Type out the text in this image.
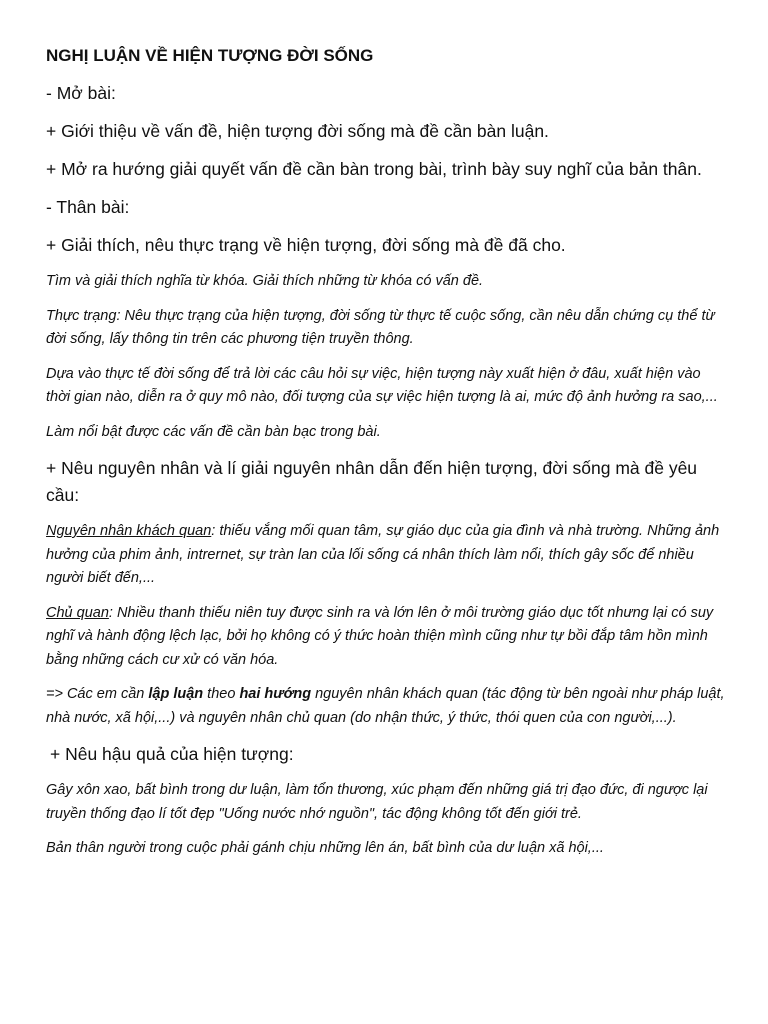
NGHỊ LUẬN VỀ HIỆN TƯỢNG ĐỜI SỐNG
- Mở bài:
+ Giới thiệu về vấn đề, hiện tượng đời sống mà đề cần bàn luận.
+ Mở ra hướng giải quyết vấn đề cần bàn trong bài, trình bày suy nghĩ của bản thân.
- Thân bài:
+ Giải thích, nêu thực trạng về hiện tượng, đời sống mà đề đã cho.
Tìm và giải thích nghĩa từ khóa. Giải thích những từ khóa có vấn đề.
Thực trạng: Nêu thực trạng của hiện tượng, đời sống từ thực tế cuộc sống, cần nêu dẫn chứng cụ thể từ đời sống, lấy thông tin trên các phương tiện truyền thông.
Dựa vào thực tế đời sống để trả lời các câu hỏi sự việc, hiện tượng này xuất hiện ở đâu, xuất hiện vào thời gian nào, diễn ra ở quy mô nào, đối tượng của sự việc hiện tượng là ai, mức độ ảnh hưởng ra sao,...
Làm nổi bật được các vấn đề cần bàn bạc trong bài.
+ Nêu nguyên nhân và lí giải nguyên nhân dẫn đến hiện tượng, đời sống mà đề yêu cầu:
Nguyên nhân khách quan: thiếu vắng mối quan tâm, sự giáo dục của gia đình và nhà trường. Những ảnh hưởng của phim ảnh, intrernet, sự tràn lan của lối sống cá nhân thích làm nổi, thích gây sốc để nhiều người biết đến,...
Chủ quan: Nhiều thanh thiếu niên tuy được sinh ra và lớn lên ở môi trường giáo dục tốt nhưng lại có suy nghĩ và hành động lệch lạc, bởi họ không có ý thức hoàn thiện mình cũng như tự bồi đắp tâm hồn mình bằng những cách cư xử có văn hóa.
=> Các em cần lập luận theo hai hướng nguyên nhân khách quan (tác động từ bên ngoài như pháp luật, nhà nước, xã hội,...) và nguyên nhân chủ quan (do nhận thức, ý thức, thói quen của con người,...).
+ Nêu hậu quả của hiện tượng:
Gây xôn xao, bất bình trong dư luận, làm tổn thương, xúc phạm đến những giá trị đạo đức, đi ngược lại truyền thống đạo lí tốt đẹp "Uống nước nhớ nguồn", tác động không tốt đến giới trẻ.
Bản thân người trong cuộc phải gánh chịu những lên án, bất bình của dư luận xã hội,...
